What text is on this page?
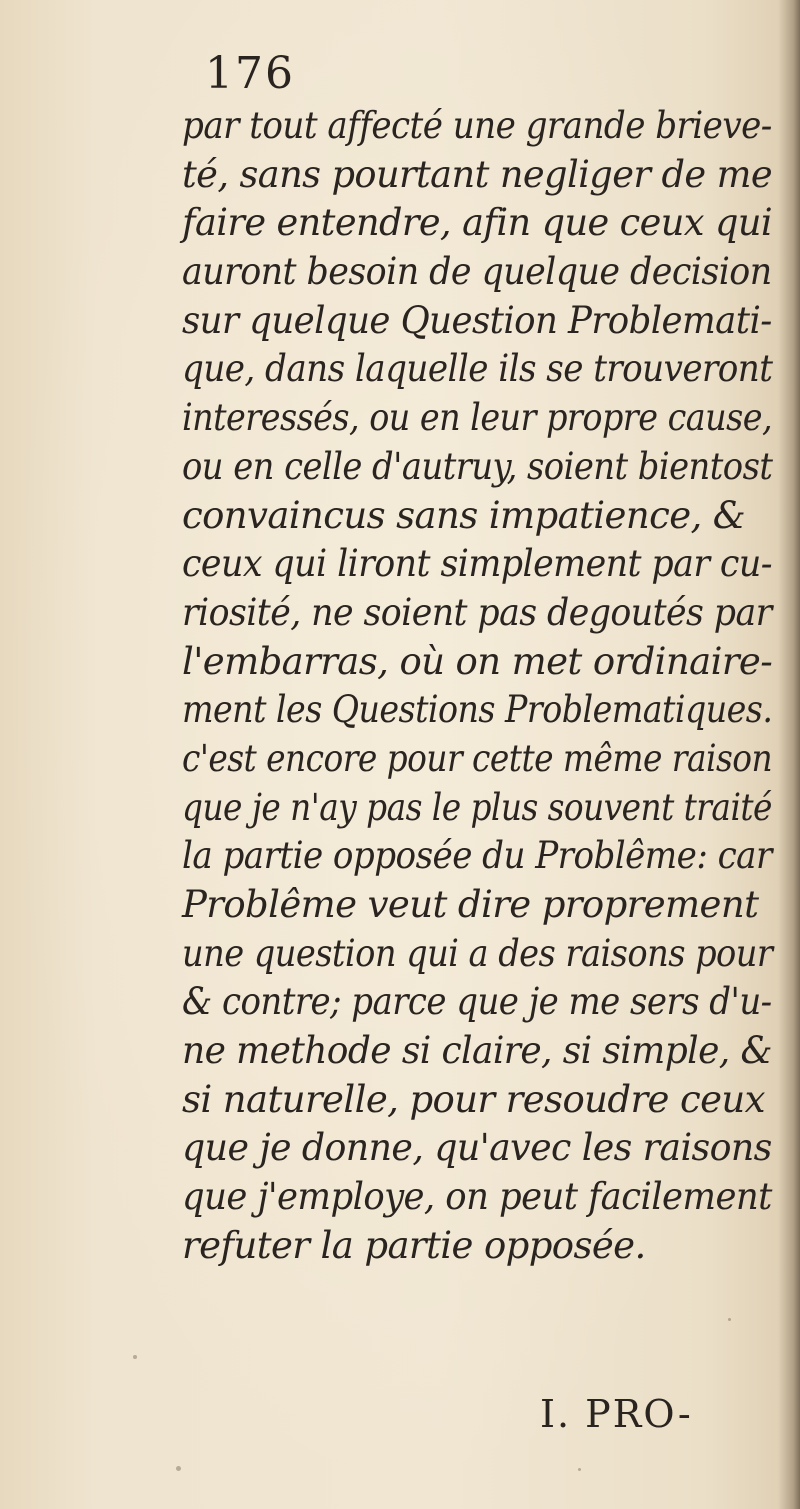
176
par tout affecté une grande brieve-
té, sans pourtant negliger de me
faire entendre, afin que ceux qui
auront besoin de quelque decision
sur quelque Question Problemati-
que, dans laquelle ils se trouveront
interessés, ou en leur propre cause,
ou en celle d'autruy, soient bientost
convaincus sans impatience, &
ceux qui liront simplement par cu-
riosité, ne soient pas degoutés par
l'embarras, où on met ordinaire-
ment les Questions Problematiques.
c'est encore pour cette même raison
que je n'ay pas le plus souvent traité
la partie opposée du Problême: car
Problême veut dire proprement
une question qui a des raisons pour
& contre; parce que je me sers d'u-
ne methode si claire, si simple, &
si naturelle, pour resoudre ceux
que je donne, qu'avec les raisons
que j'employe, on peut facilement
refuter la partie opposée.
I. PRO-
